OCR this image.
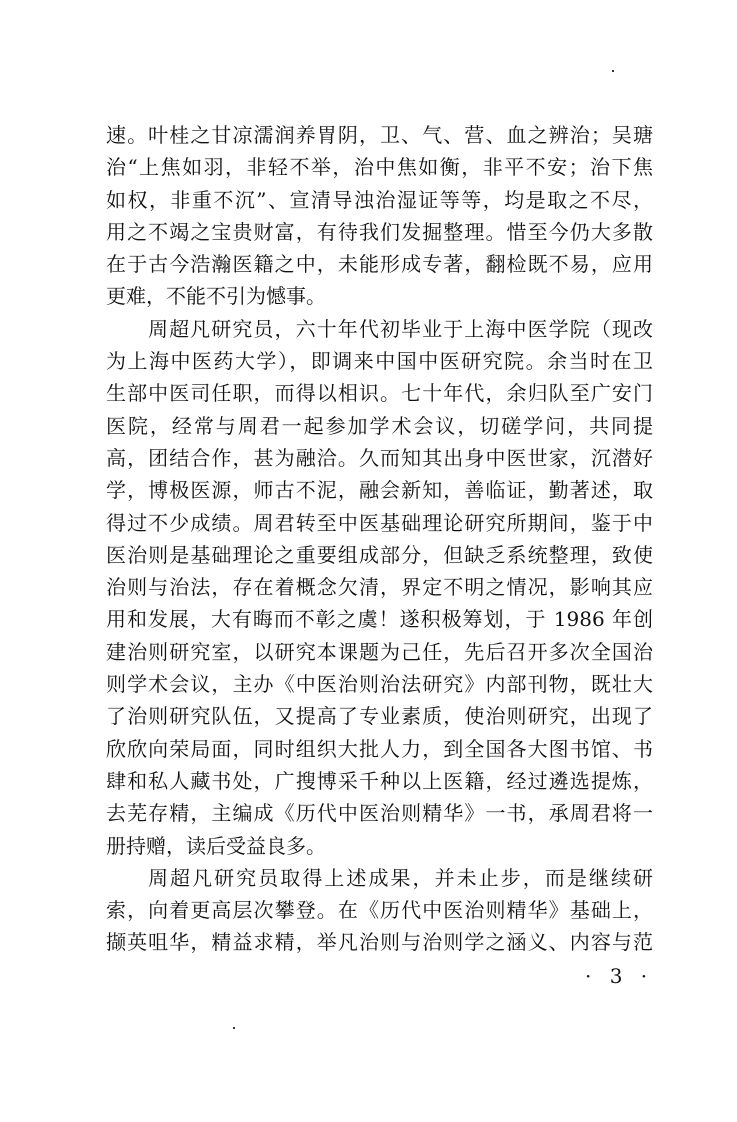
速。叶桂之甘凉濡润养胃阴，卫、气、营、血之辨治；吴瑭
治“上焦如羽，非轻不举，治中焦如衡，非平不安；治下焦
如权，非重不沉”、宣清导浊治湿证等等，均是取之不尽，
用之不竭之宝贵财富，有待我们发掘整理。惜至今仍大多散
在于古今浩瀚医籍之中，未能形成专著，翻检既不易，应用
更难，不能不引为憾事。
周超凡研究员，六十年代初毕业于上海中医学院（现改
为上海中医药大学），即调来中国中医研究院。余当时在卫
生部中医司任职，而得以相识。七十年代，余归队至广安门
医院，经常与周君一起参加学术会议，切磋学问，共同提
高，团结合作，甚为融洽。久而知其出身中医世家，沉潜好
学，博极医源，师古不泥，融会新知，善临证，勤著述，取
得过不少成绩。周君转至中医基础理论研究所期间，鉴于中
医治则是基础理论之重要组成部分，但缺乏系统整理，致使
治则与治法，存在着概念欠清，界定不明之情况，影响其应
用和发展，大有晦而不彰之虞！遂积极筹划，于 1986 年创
建治则研究室，以研究本课题为己任，先后召开多次全国治
则学术会议，主办《中医治则治法研究》内部刊物，既壮大
了治则研究队伍，又提高了专业素质，使治则研究，出现了
欣欣向荣局面，同时组织大批人力，到全国各大图书馆、书
肆和私人藏书处，广搜博采千种以上医籍，经过遴选提炼，
去芜存精，主编成《历代中医治则精华》一书，承周君将一
册持赠，读后受益良多。
周超凡研究员取得上述成果，并未止步，而是继续研
索，向着更高层次攀登。在《历代中医治则精华》基础上，
撷英咀华，精益求精，举凡治则与治则学之涵义、内容与范
· 3 ·
